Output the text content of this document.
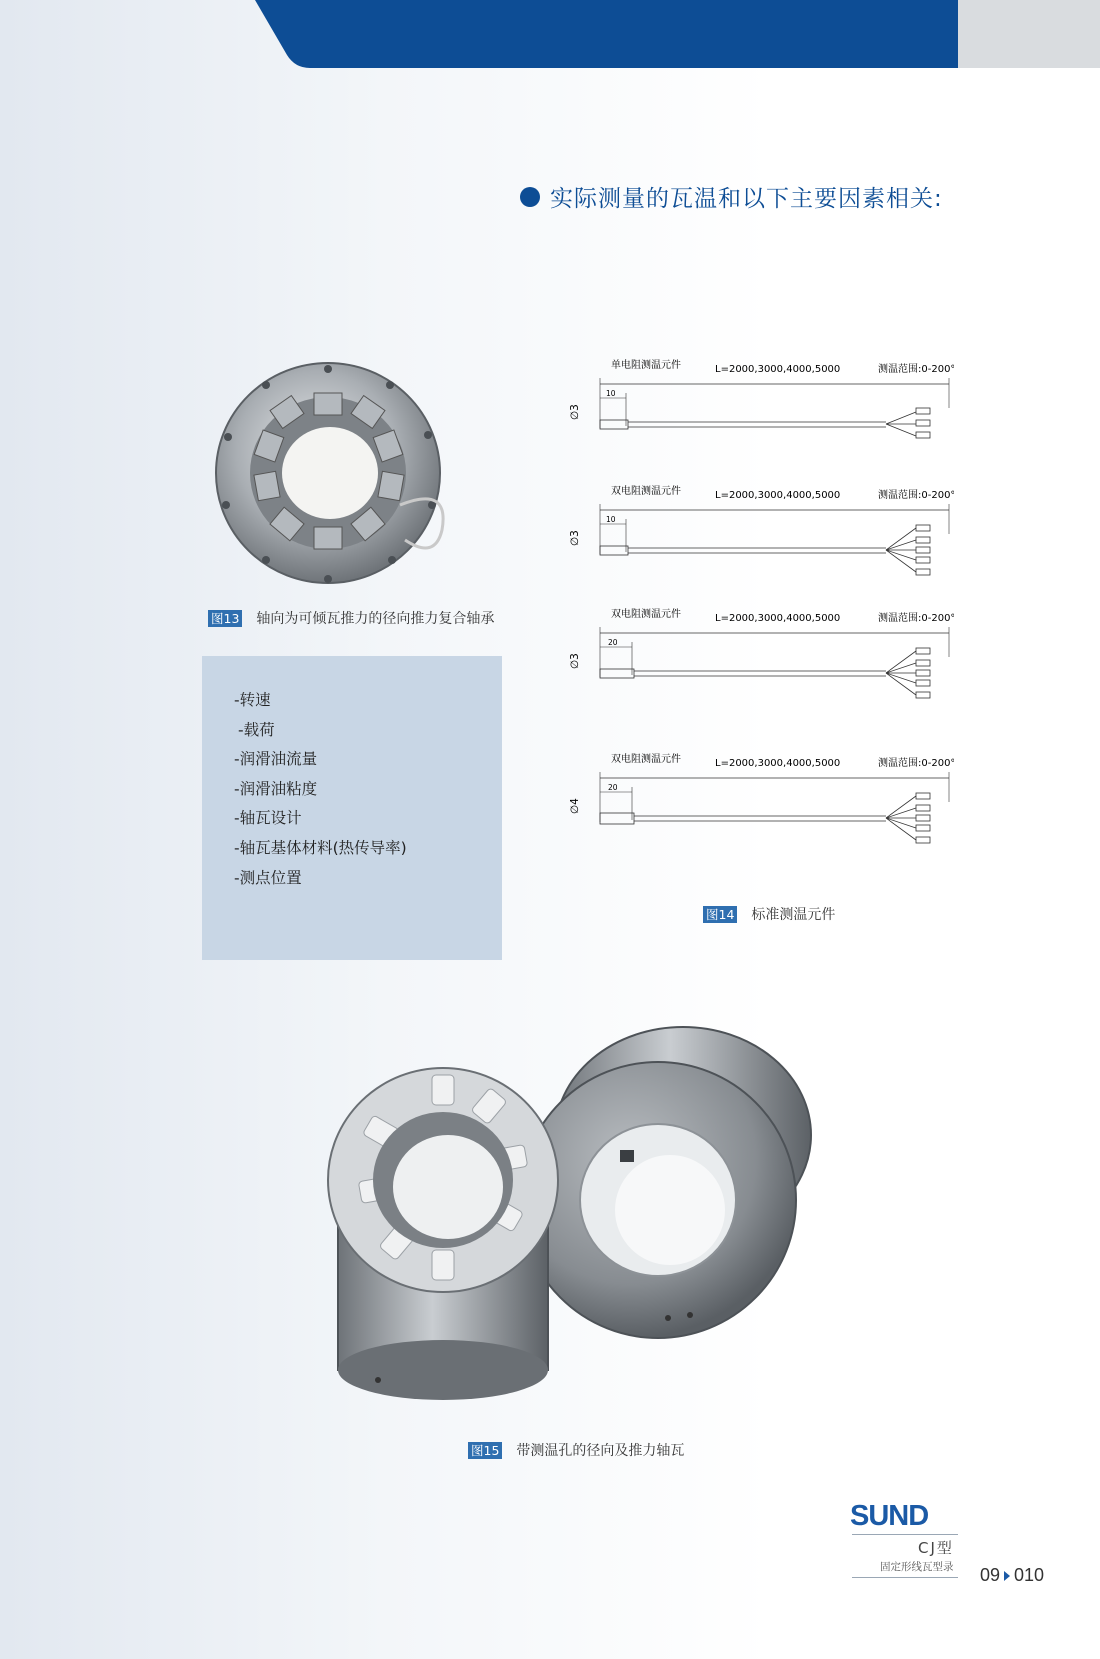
实际测量的瓦温和以下主要因素相关:
图13 轴向为可倾瓦推力的径向推力复合轴承
-转速
-载荷
-润滑油流量
-润滑油粘度
-轴瓦设计
-轴瓦基体材料(热传导率)
-测点位置
单电阻测温元件	L=2000,3000,4000,5000	测温范围:0-200℃
10
∅3
双电阻测温元件	L=2000,3000,4000,5000	测温范围:0-200℃
10
∅3
双电阻测温元件	L=2000,3000,4000,5000	测温范围:0-200℃
20
∅3
双电阻测温元件	L=2000,3000,4000,5000	测温范围:0-200℃
20
∅4
图14 标准测温元件
图15 带测温孔的径向及推力轴瓦
SUND
CJ型
固定形线瓦型录 09 010
